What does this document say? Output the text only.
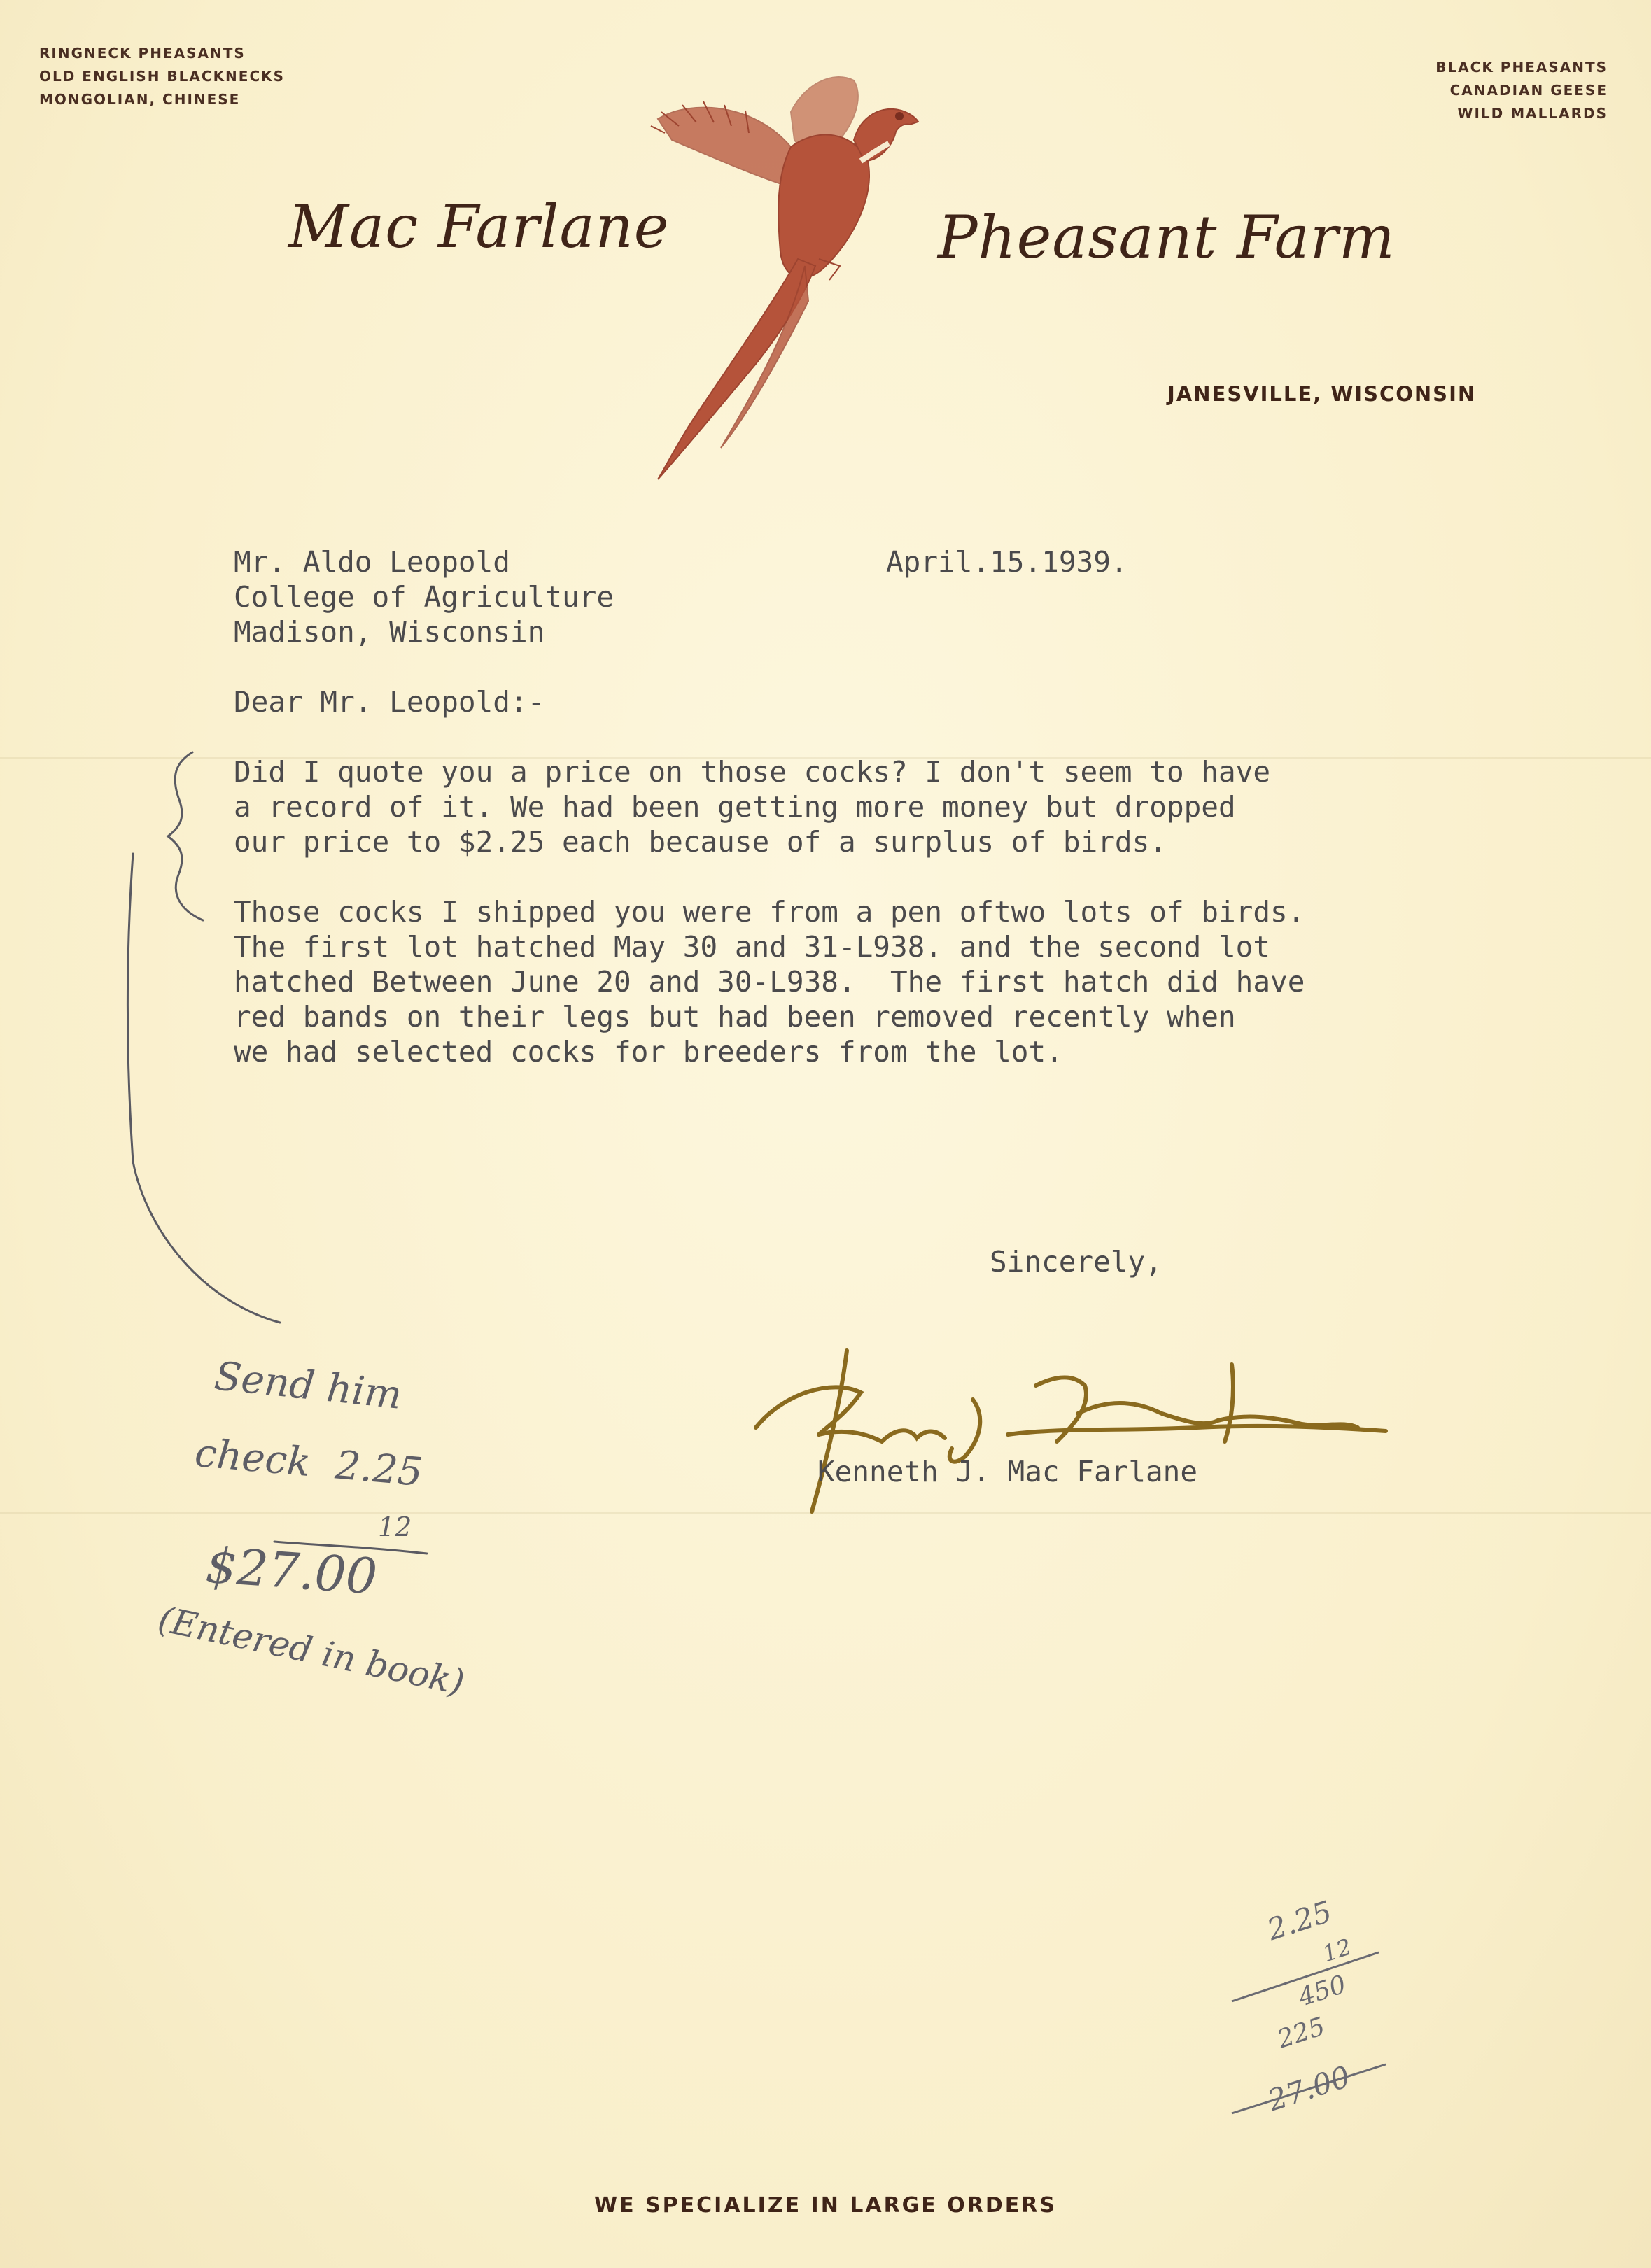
RINGNECK PHEASANTS
OLD ENGLISH BLACKNECKS
MONGOLIAN, CHINESE
BLACK PHEASANTS
CANADIAN GEESE
WILD MALLARDS
Mac Farlane	Pheasant Farm
JANESVILLE, WISCONSIN
Mr. Aldo Leopold
College of Agriculture
Madison, Wisconsin
April.15.1939.
Dear Mr. Leopold:-
Did I quote you a price on those cocks? I don't seem to have
a record of it. We had been getting more money but dropped
our price to $2.25 each because of a surplus of birds.
Those cocks I shipped you were from a pen oftwo lots of birds.
The first lot hatched May 30 and 31-L938. and the second lot
hatched Between June 20 and 30-L938.  The first hatch did have
red bands on their legs but had been removed recently when
we had selected cocks for breeders from the lot.
Sincerely,
Kenneth J. Mac Farlane
Send him
check 2.25
12
$27.00
(Entered in book)
2.25
12
450
225
27.00
WE SPECIALIZE IN LARGE ORDERS
